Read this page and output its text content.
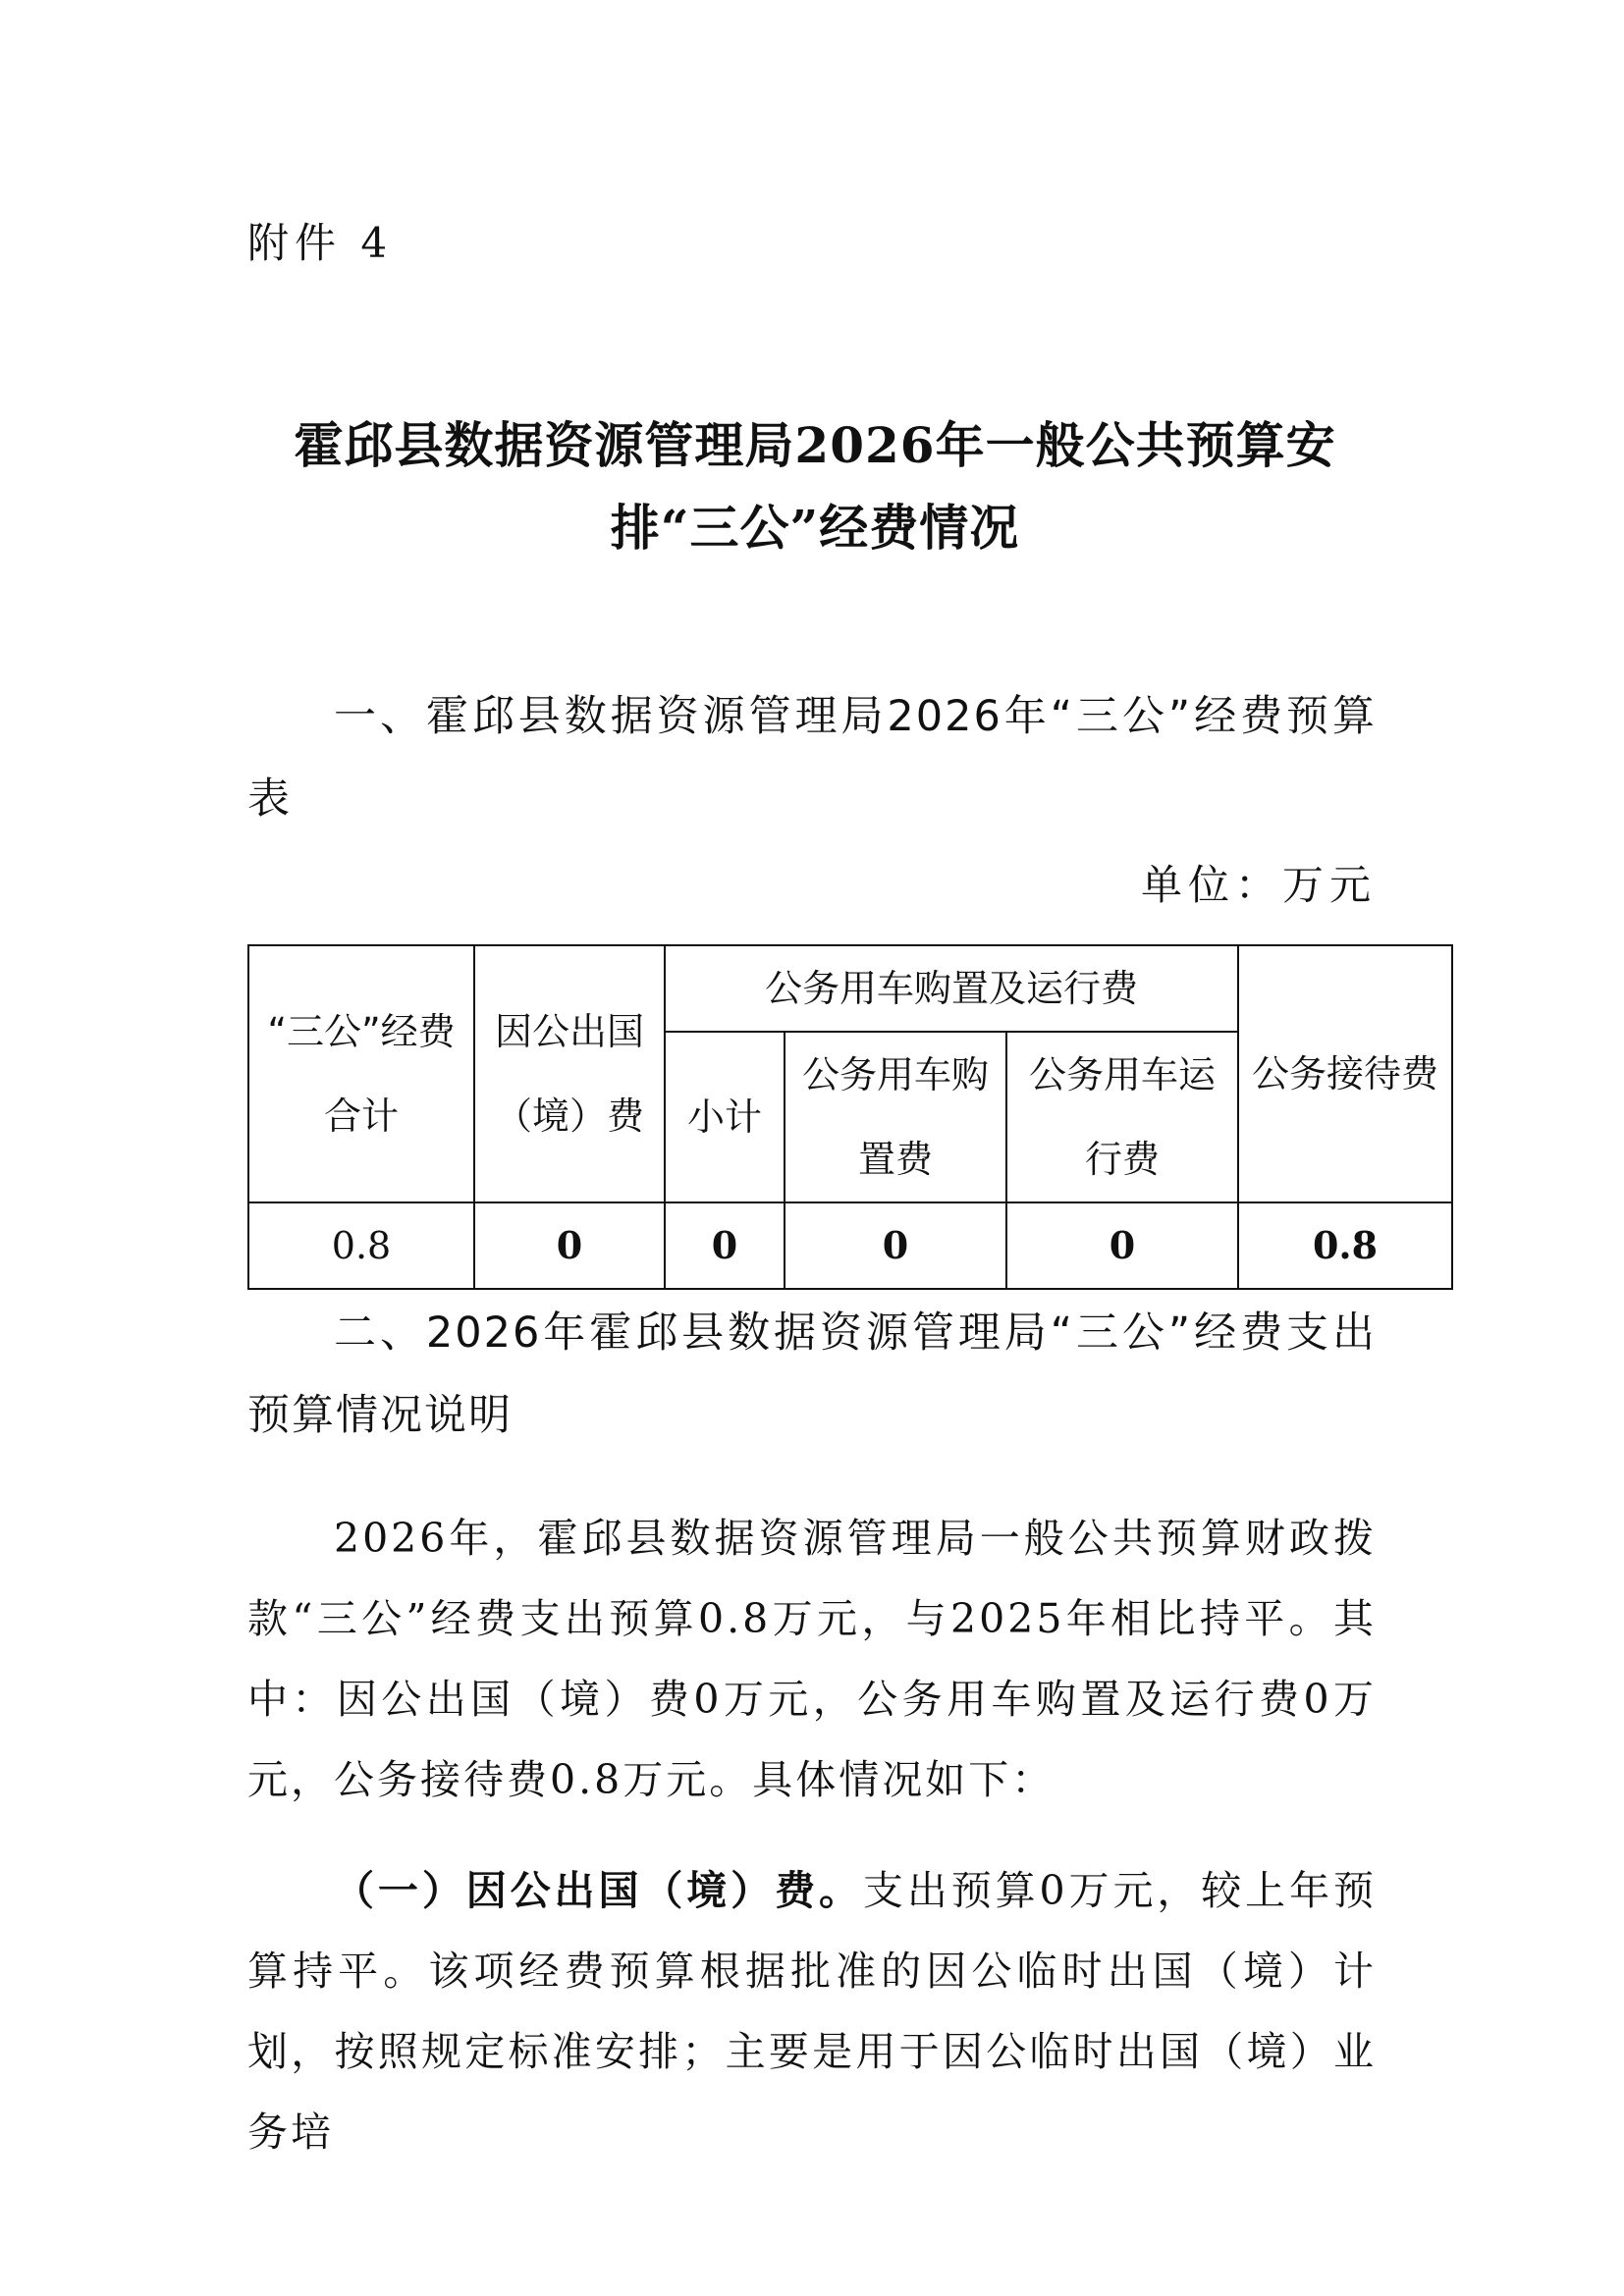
附件 4
霍邱县数据资源管理局2026年一般公共预算安排“三公”经费情况
一、霍邱县数据资源管理局2026年“三公”经费预算表
单位：万元
“三公”经费合计	因公出国（境）费	公务用车购置及运行费			公务接待费
		小计	公务用车购置费	公务用车运行费	
0.8	0	0	0	0	0.8
二、2026年霍邱县数据资源管理局“三公”经费支出预算情况说明
2026年，霍邱县数据资源管理局一般公共预算财政拨款“三公”经费支出预算0.8万元，与2025年相比持平。其中：因公出国（境）费0万元，公务用车购置及运行费0万元，公务接待费0.8万元。具体情况如下：
（一）因公出国（境）费。支出预算0万元，较上年预算持平。该项经费预算根据批准的因公临时出国（境）计划，按照规定标准安排；主要是用于因公临时出国（境）业务培
